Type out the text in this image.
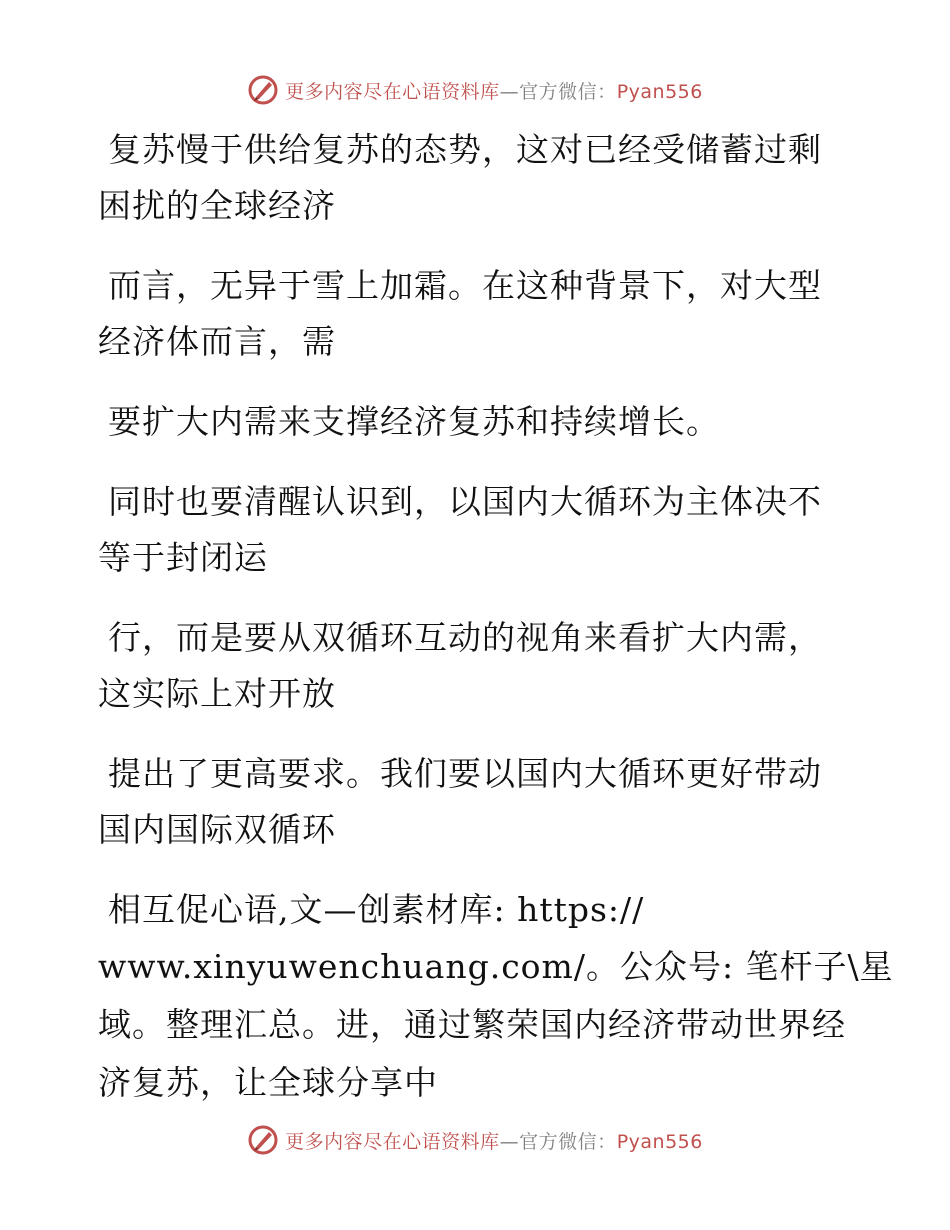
更多内容尽在心语资料库—官方微信：Pyan556
复苏慢于供给复苏的态势，这对已经受储蓄过剩
困扰的全球经济
而言，无异于雪上加霜。在这种背景下，对大型
经济体而言，需
要扩大内需来支撑经济复苏和持续增长。
同时也要清醒认识到，以国内大循环为主体决不
等于封闭运
行，而是要从双循环互动的视角来看扩大内需，
这实际上对开放
提出了更高要求。我们要以国内大循环更好带动
国内国际双循环
相互促心语,文—创素材库: https://
www.xinyuwenchuang.com/。公众号: 笔杆子\星
域。整理汇总。进，通过繁荣国内经济带动世界经
济复苏，让全球分享中
更多内容尽在心语资料库—官方微信：Pyan556
